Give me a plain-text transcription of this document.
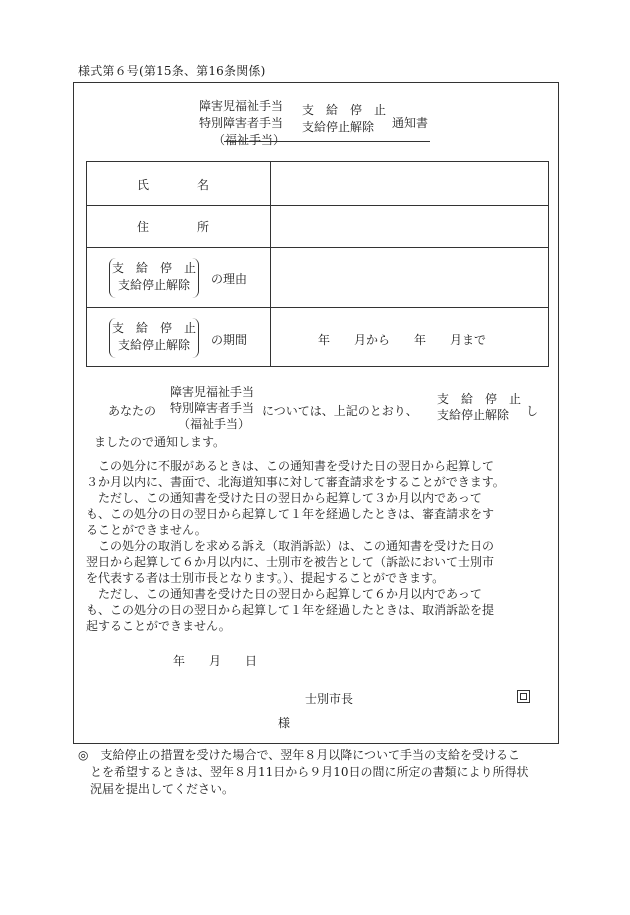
様式第６号(第15条、第16条関係)
障害児福祉手当
特別障害者手当
（福祉手当）
支　給　停　止
支給停止解除	通知書
氏　　　　名
住　　　　所
支　給　停　止
支給停止解除	の理由
支　給　停　止
支給停止解除	の期間	年　　月から　　年　　月まで
障害児福祉手当
特別障害者手当
（福祉手当）
あなたの	については、上記のとおり、
支　給　停　止
支給停止解除	し
ましたので通知します。
　この処分に不服があるときは、この通知書を受けた日の翌日から起算して
３か月以内に、書面で、北海道知事に対して審査請求をすることができます。
　ただし、この通知書を受けた日の翌日から起算して３か月以内であって
も、この処分の日の翌日から起算して１年を経過したときは、審査請求をす
ることができません。
　この処分の取消しを求める訴え（取消訴訟）は、この通知書を受けた日の
翌日から起算して６か月以内に、士別市を被告として（訴訟において士別市
を代表する者は士別市長となります。）、提起することができます。
　ただし、この通知書を受けた日の翌日から起算して６か月以内であって
も、この処分の日の翌日から起算して１年を経過したときは、取消訴訟を提
起することができません。
年　　月　　日
士別市長
様
◎　支給停止の措置を受けた場合で、翌年８月以降について手当の支給を受けるこ
　とを希望するときは、翌年８月11日から９月10日の間に所定の書類により所得状
　況届を提出してください。
